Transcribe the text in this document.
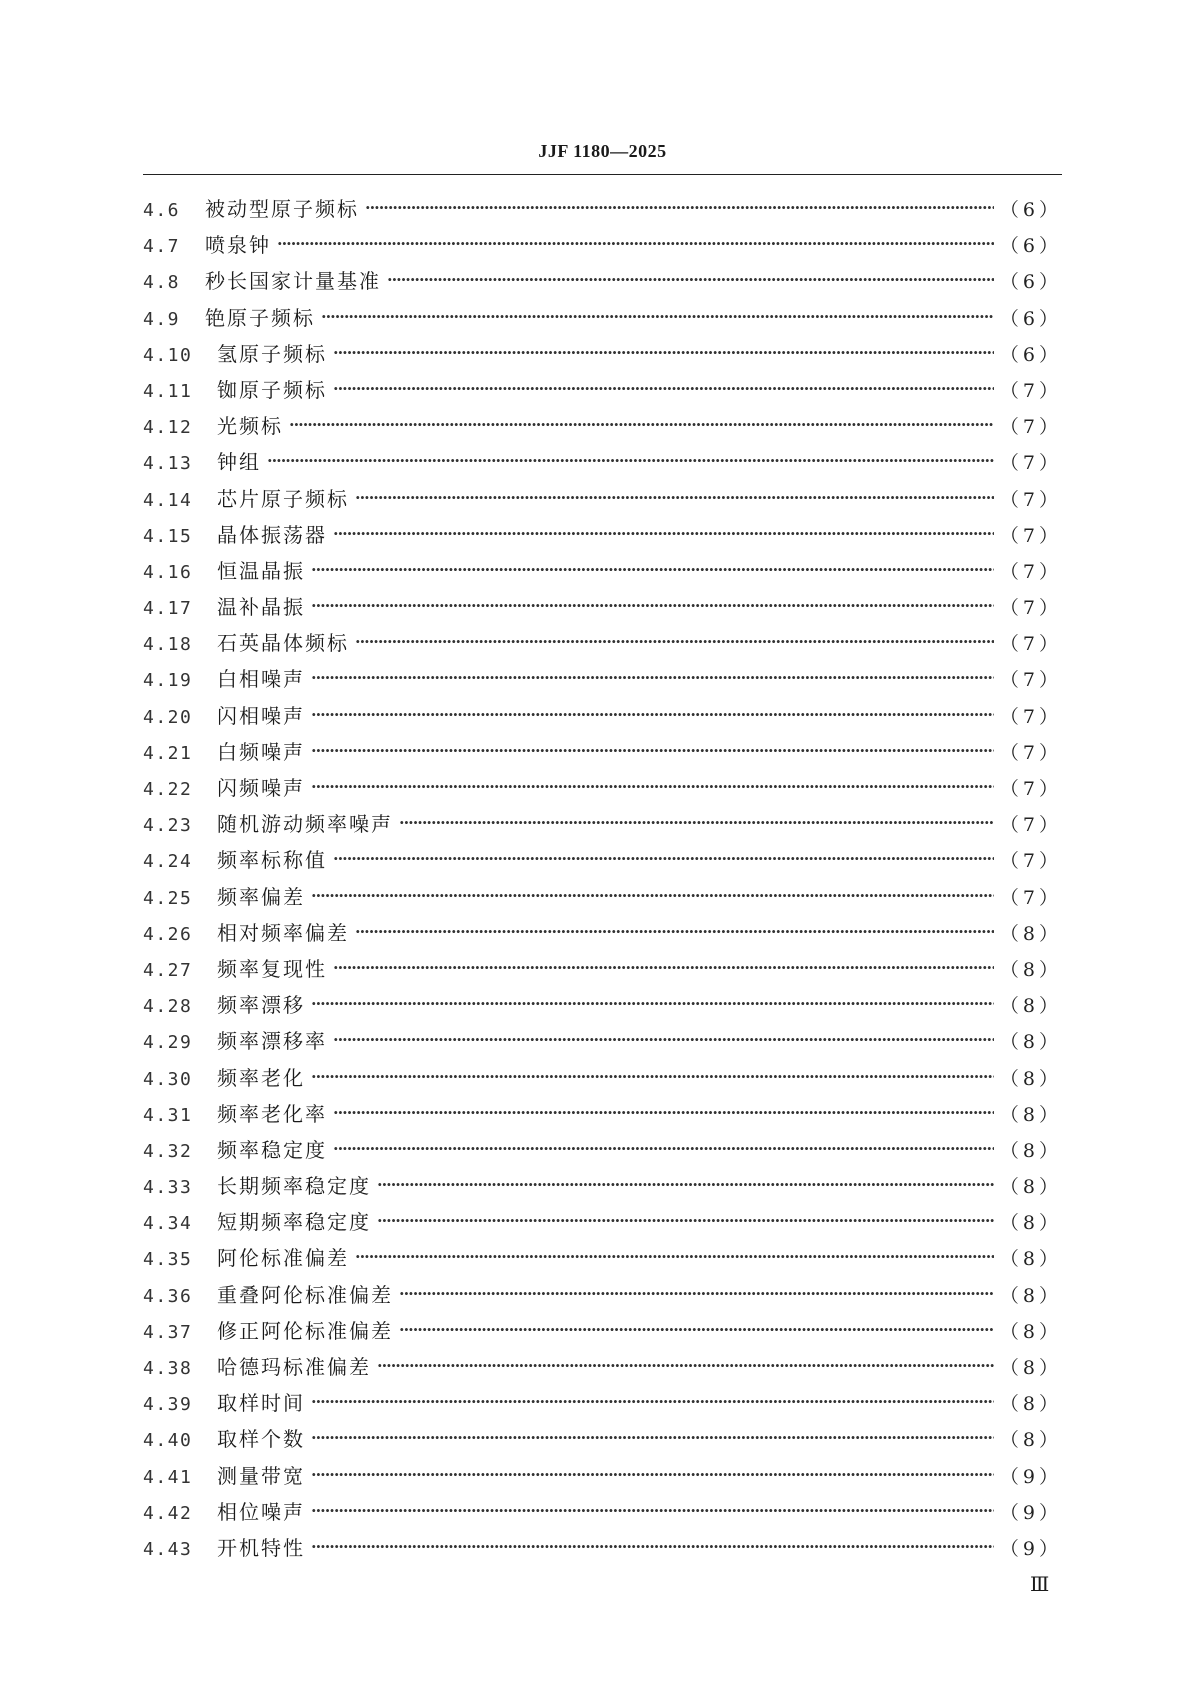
JJF 1180—2025
4.6	被动型原子频标 ·····	（6）
4.7	喷泉钟 ·····	（6）
4.8	秒长国家计量基准 ·····	（6）
4.9	铯原子频标 ·····	（6）
4.10	氢原子频标 ·····	（6）
4.11	铷原子频标 ·····	（7）
4.12	光频标 ·····	（7）
4.13	钟组 ·····	（7）
4.14	芯片原子频标 ·····	（7）
4.15	晶体振荡器 ·····	（7）
4.16	恒温晶振 ·····	（7）
4.17	温补晶振 ·····	（7）
4.18	石英晶体频标 ·····	（7）
4.19	白相噪声 ·····	（7）
4.20	闪相噪声 ·····	（7）
4.21	白频噪声 ·····	（7）
4.22	闪频噪声 ·····	（7）
4.23	随机游动频率噪声 ·····	（7）
4.24	频率标称值 ·····	（7）
4.25	频率偏差 ·····	（7）
4.26	相对频率偏差 ·····	（8）
4.27	频率复现性 ·····	（8）
4.28	频率漂移 ·····	（8）
4.29	频率漂移率 ·····	（8）
4.30	频率老化 ·····	（8）
4.31	频率老化率 ·····	（8）
4.32	频率稳定度 ·····	（8）
4.33	长期频率稳定度 ·····	（8）
4.34	短期频率稳定度 ·····	（8）
4.35	阿伦标准偏差 ·····	（8）
4.36	重叠阿伦标准偏差 ·····	（8）
4.37	修正阿伦标准偏差 ·····	（8）
4.38	哈德玛标准偏差 ·····	（8）
4.39	取样时间 ·····	（8）
4.40	取样个数 ·····	（8）
4.41	测量带宽 ·····	（9）
4.42	相位噪声 ·····	（9）
4.43	开机特性 ·····	（9）
Ⅲ
